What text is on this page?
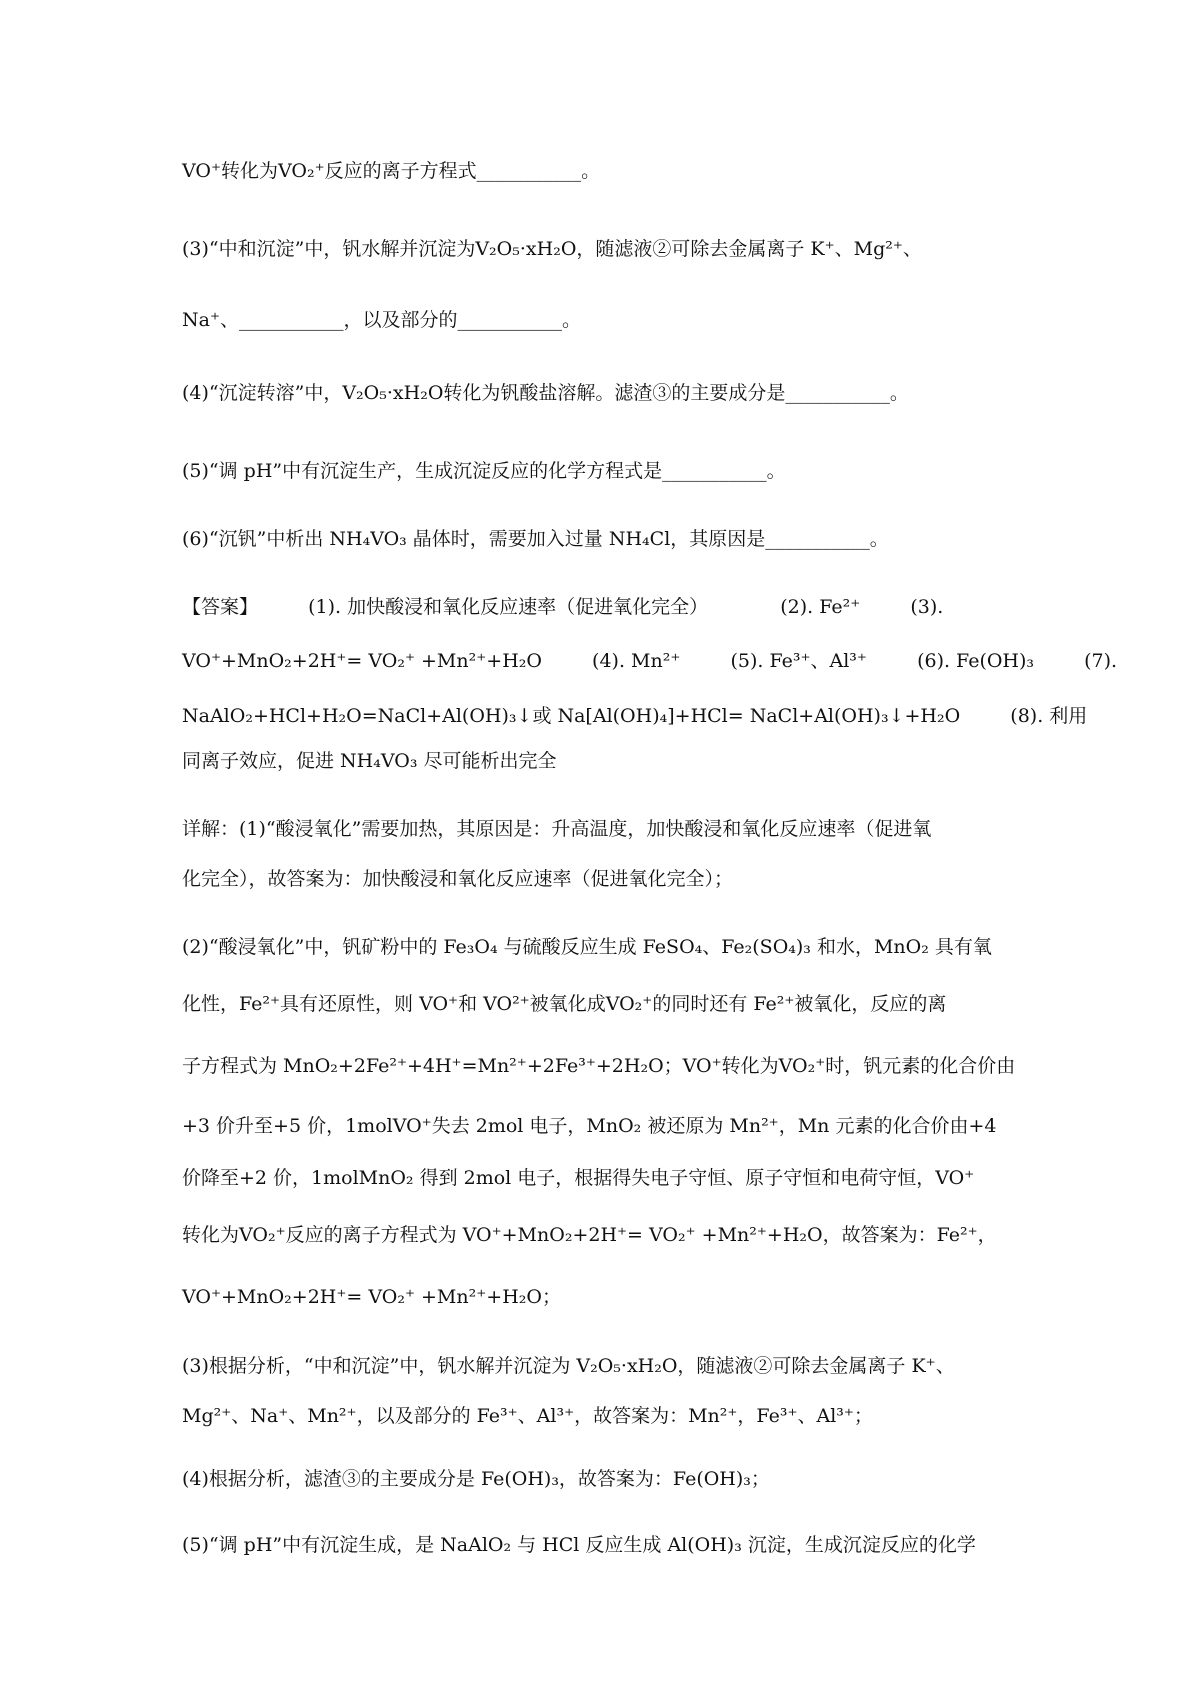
VO⁺转化为VO₂⁺反应的离子方程式___________。
(3)“中和沉淀”中，钒水解并沉淀为V₂O₅·xH₂O，随滤液②可除去金属离子 K⁺、Mg²⁺、
Na⁺、___________，以及部分的___________。
(4)“沉淀转溶”中，V₂O₅·xH₂O转化为钒酸盐溶解。滤渣③的主要成分是___________。
(5)“调 pH”中有沉淀生产，生成沉淀反应的化学方程式是___________。
(6)“沉钒”中析出 NH₄VO₃ 晶体时，需要加入过量 NH₄Cl，其原因是___________。
【答案】	(1). 加快酸浸和氧化反应速率（促进氧化完全）	(2). Fe²⁺	(3).
VO⁺+MnO₂+2H⁺= VO₂⁺ +Mn²⁺+H₂O	(4). Mn²⁺	(5). Fe³⁺、Al³⁺	(6). Fe(OH)₃	(7).
NaAlO₂+HCl+H₂O=NaCl+Al(OH)₃↓或 Na[Al(OH)₄]+HCl= NaCl+Al(OH)₃↓+H₂O	(8). 利用
同离子效应，促进 NH₄VO₃ 尽可能析出完全
详解：(1)“酸浸氧化”需要加热，其原因是：升高温度，加快酸浸和氧化反应速率（促进氧
化完全），故答案为：加快酸浸和氧化反应速率（促进氧化完全）；
(2)“酸浸氧化”中，钒矿粉中的 Fe₃O₄ 与硫酸反应生成 FeSO₄、Fe₂(SO₄)₃ 和水，MnO₂ 具有氧
化性，Fe²⁺具有还原性，则 VO⁺和 VO²⁺被氧化成VO₂⁺的同时还有 Fe²⁺被氧化，反应的离
子方程式为 MnO₂+2Fe²⁺+4H⁺=Mn²⁺+2Fe³⁺+2H₂O；VO⁺转化为VO₂⁺时，钒元素的化合价由
+3 价升至+5 价，1molVO⁺失去 2mol 电子，MnO₂ 被还原为 Mn²⁺，Mn 元素的化合价由+4
价降至+2 价，1molMnO₂ 得到 2mol 电子，根据得失电子守恒、原子守恒和电荷守恒，VO⁺
转化为VO₂⁺反应的离子方程式为 VO⁺+MnO₂+2H⁺= VO₂⁺ +Mn²⁺+H₂O，故答案为：Fe²⁺，
VO⁺+MnO₂+2H⁺= VO₂⁺ +Mn²⁺+H₂O；
(3)根据分析，“中和沉淀”中，钒水解并沉淀为 V₂O₅·xH₂O，随滤液②可除去金属离子 K⁺、
Mg²⁺、Na⁺、Mn²⁺，以及部分的 Fe³⁺、Al³⁺，故答案为：Mn²⁺，Fe³⁺、Al³⁺；
(4)根据分析，滤渣③的主要成分是 Fe(OH)₃，故答案为：Fe(OH)₃；
(5)“调 pH”中有沉淀生成，是 NaAlO₂ 与 HCl 反应生成 Al(OH)₃ 沉淀，生成沉淀反应的化学
